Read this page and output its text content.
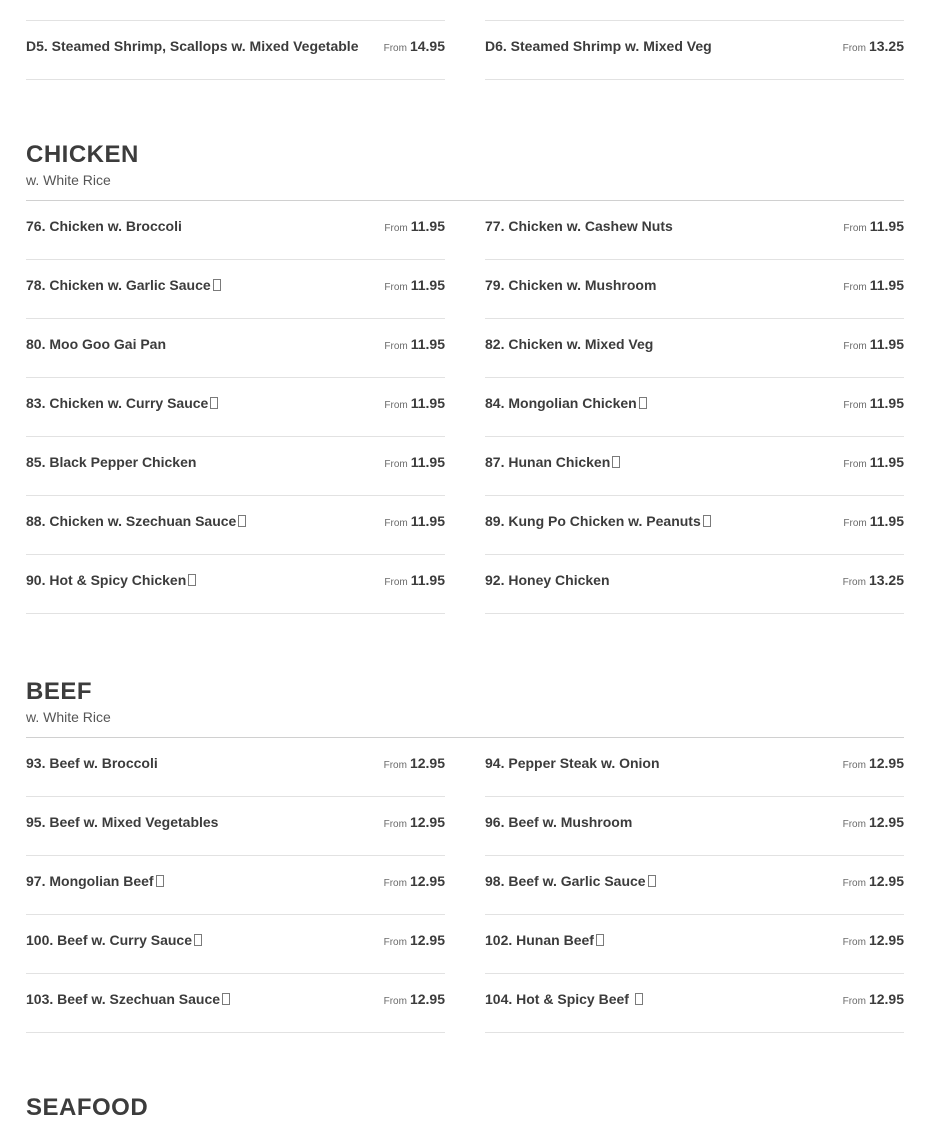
D5. Steamed Shrimp, Scallops w. Mixed Vegetable	From 14.95	D6. Steamed Shrimp w. Mixed Veg	From 13.25
CHICKEN
w. White Rice
76. Chicken w. Broccoli	From 11.95	77. Chicken w. Cashew Nuts	From 11.95
78. Chicken w. Garlic Sauce	From 11.95	79. Chicken w. Mushroom	From 11.95
80. Moo Goo Gai Pan	From 11.95	82. Chicken w. Mixed Veg	From 11.95
83. Chicken w. Curry Sauce	From 11.95	84. Mongolian Chicken	From 11.95
85. Black Pepper Chicken	From 11.95	87. Hunan Chicken	From 11.95
88. Chicken w. Szechuan Sauce	From 11.95	89. Kung Po Chicken w. Peanuts	From 11.95
90. Hot & Spicy Chicken	From 11.95	92. Honey Chicken	From 13.25
BEEF
w. White Rice
93. Beef w. Broccoli	From 12.95	94. Pepper Steak w. Onion	From 12.95
95. Beef w. Mixed Vegetables	From 12.95	96. Beef w. Mushroom	From 12.95
97. Mongolian Beef	From 12.95	98. Beef w. Garlic Sauce	From 12.95
100. Beef w. Curry Sauce	From 12.95	102. Hunan Beef	From 12.95
103. Beef w. Szechuan Sauce	From 12.95	104. Hot & Spicy Beef	From 12.95
SEAFOOD
